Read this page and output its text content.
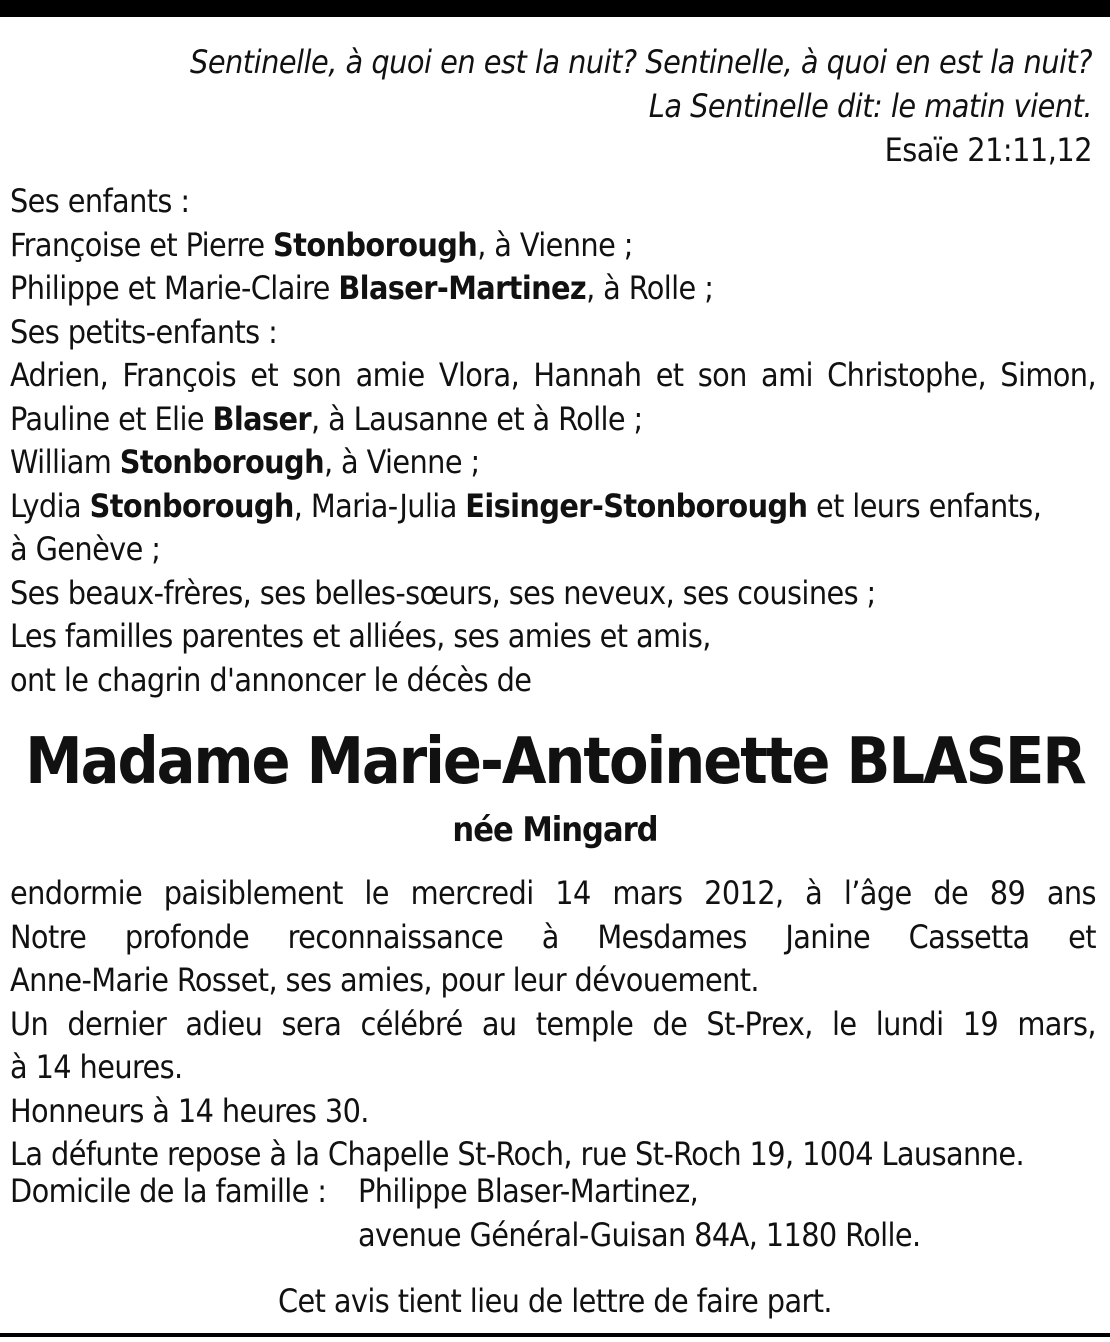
Sentinelle, à quoi en est la nuit? Sentinelle, à quoi en est la nuit?
La Sentinelle dit: le matin vient.
Esaïe 21:11,12
Ses enfants :
Françoise et Pierre Stonborough, à Vienne ;
Philippe et Marie-Claire Blaser-Martinez, à Rolle ;
Ses petits-enfants :
Adrien, François et son amie Vlora, Hannah et son ami Christophe, Simon,
Pauline et Elie Blaser, à Lausanne et à Rolle ;
William Stonborough, à Vienne ;
Lydia Stonborough, Maria-Julia Eisinger-Stonborough et leurs enfants,
à Genève ;
Ses beaux-frères, ses belles-sœurs, ses neveux, ses cousines ;
Les familles parentes et alliées, ses amies et amis,
ont le chagrin d'annoncer le décès de
Madame Marie-Antoinette BLASER
née Mingard
endormie paisiblement le mercredi 14 mars 2012, à l’âge de 89 ans
Notre profonde reconnaissance à Mesdames Janine Cassetta et
Anne-Marie Rosset, ses amies, pour leur dévouement.
Un dernier adieu sera célébré au temple de St-Prex, le lundi 19 mars,
à 14 heures.
Honneurs à 14 heures 30.
La défunte repose à la Chapelle St-Roch, rue St-Roch 19, 1004 Lausanne.
Domicile de la famille : Philippe Blaser-Martinez,
avenue Général-Guisan 84A, 1180 Rolle.
Cet avis tient lieu de lettre de faire part.
